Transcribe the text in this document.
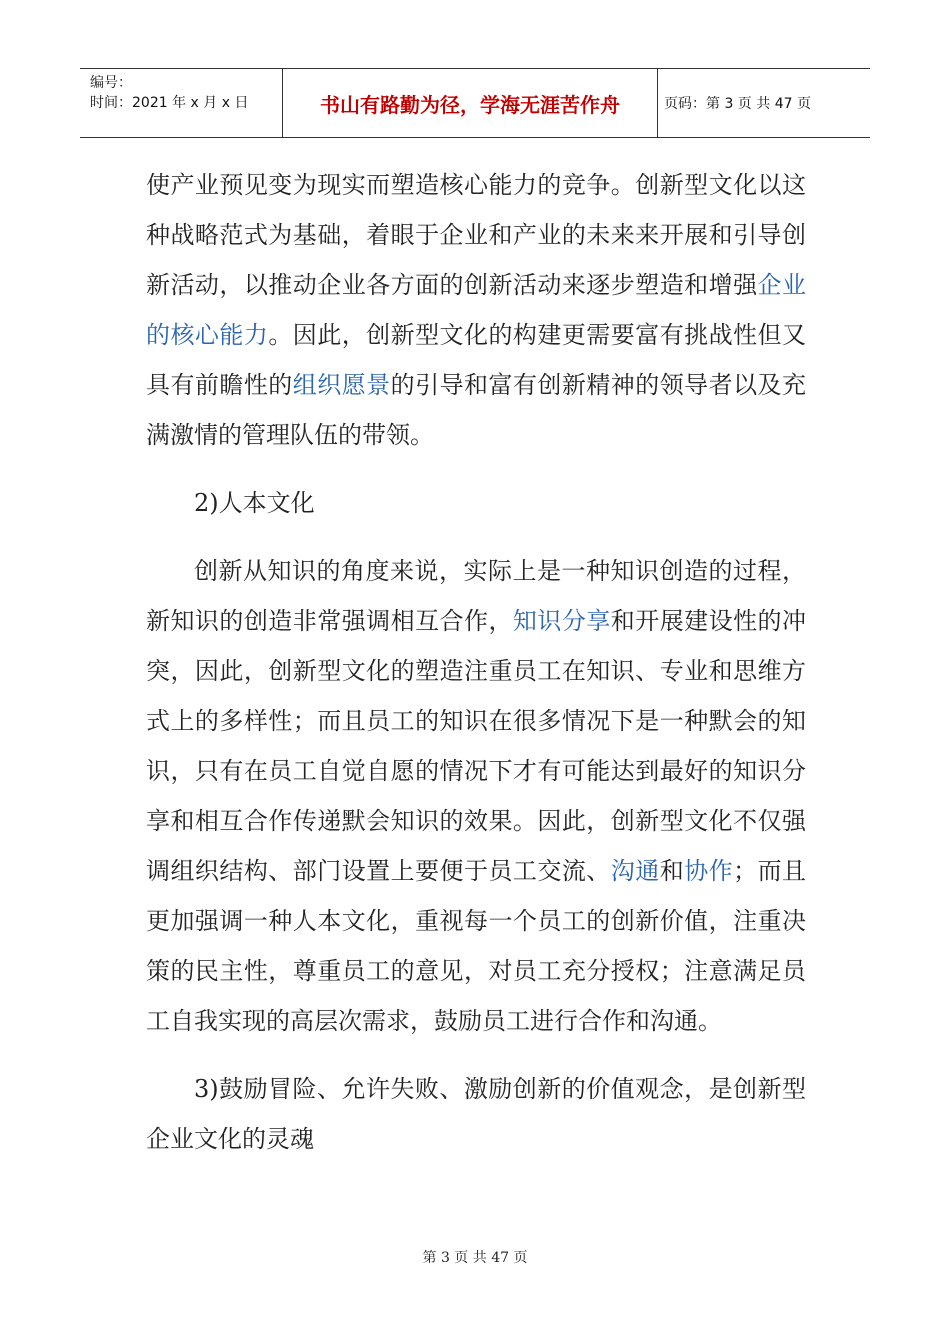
编号：
时间：2021 年 x 月 x 日	书山有路勤为径，学海无涯苦作舟	页码：第 3 页 共 47 页

使产业预见变为现实而塑造核心能力的竞争。创新型文化以这种战略范式为基础，着眼于企业和产业的未来来开展和引导创新活动，以推动企业各方面的创新活动来逐步塑造和增强企业的核心能力。因此，创新型文化的构建更需要富有挑战性但又具有前瞻性的组织愿景的引导和富有创新精神的领导者以及充满激情的管理队伍的带领。

2)人本文化

创新从知识的角度来说，实际上是一种知识创造的过程，新知识的创造非常强调相互合作，知识分享和开展建设性的冲突，因此，创新型文化的塑造注重员工在知识、专业和思维方式上的多样性；而且员工的知识在很多情况下是一种默会的知识，只有在员工自觉自愿的情况下才有可能达到最好的知识分享和相互合作传递默会知识的效果。因此，创新型文化不仅强调组织结构、部门设置上要便于员工交流、沟通和协作；而且更加强调一种人本文化，重视每一个员工的创新价值，注重决策的民主性，尊重员工的意见，对员工充分授权；注意满足员工自我实现的高层次需求，鼓励员工进行合作和沟通。

3)鼓励冒险、允许失败、激励创新的价值观念，是创新型企业文化的灵魂

第 3 页 共 47 页
